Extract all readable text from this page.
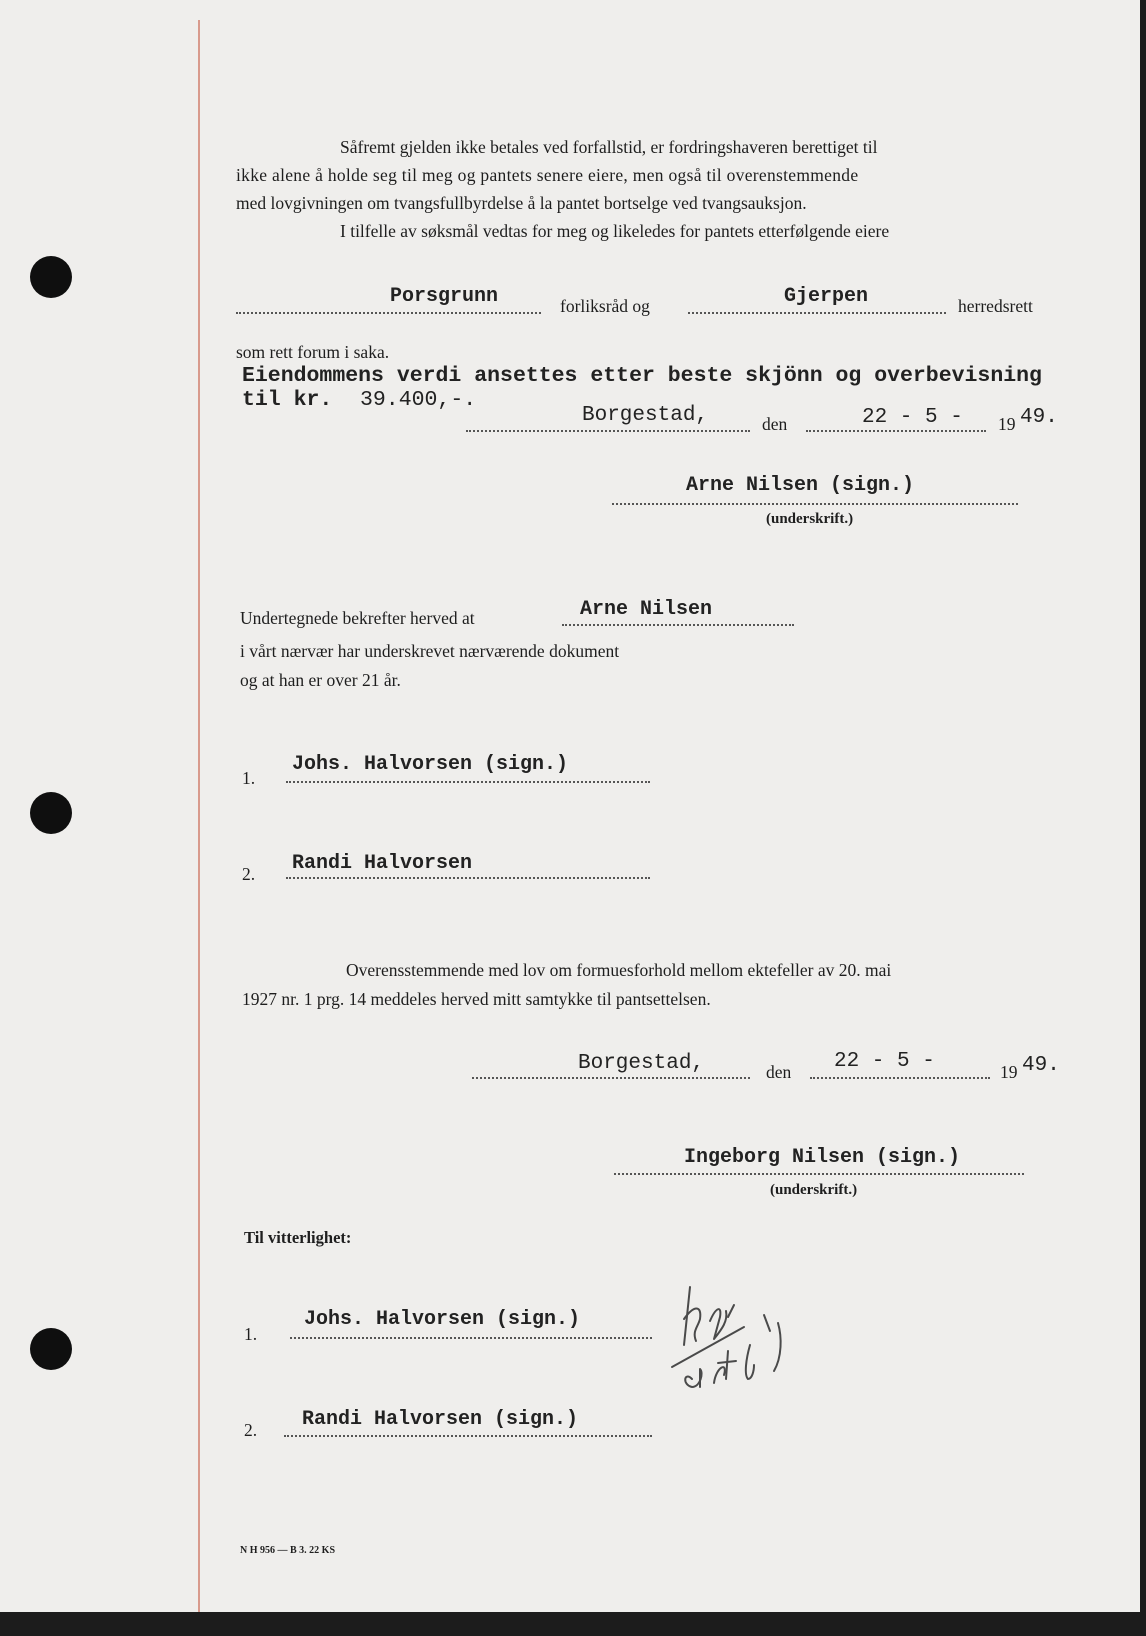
Såfremt gjelden ikke betales ved forfallstid, er fordringshaveren berettiget til
ikke alene å holde seg til meg og pantets senere eiere, men også til overenstemmende
med lovgivningen om tvangsfullbyrdelse å la pantet bortselge ved tvangsauksjon.
I tilfelle av søksmål vedtas for meg og likeledes for pantets etterfølgende eiere
Porsgrunn	forliksråd og	Gjerpen	herredsrett
som rett forum i saka.
Eiendommens verdi ansettes etter beste skjönn og overbevisning
til kr. 39.400,-.
Borgestad,	den	22 - 5 - 19 49.
Arne Nilsen (sign.)
(underskrift.)
Undertegnede bekrefter herved at	Arne Nilsen
i vårt nærvær har underskrevet nærværende dokument
og at han er over 21 år.
1.
Johs. Halvorsen (sign.)
2. Randi Halvorsen
Overensstemmende med lov om formuesforhold mellom ektefeller av 20. mai
1927 nr. 1 prg. 14 meddeles herved mitt samtykke til pantsettelsen.
Borgestad,	den 22 - 5 -	19 49.
Ingeborg Nilsen (sign.)
(underskrift.)
Til vitterlighet:
1.
Johs. Halvorsen (sign.)
2. Randi Halvorsen (sign.)
N H 956 — B 3. 22 KS
